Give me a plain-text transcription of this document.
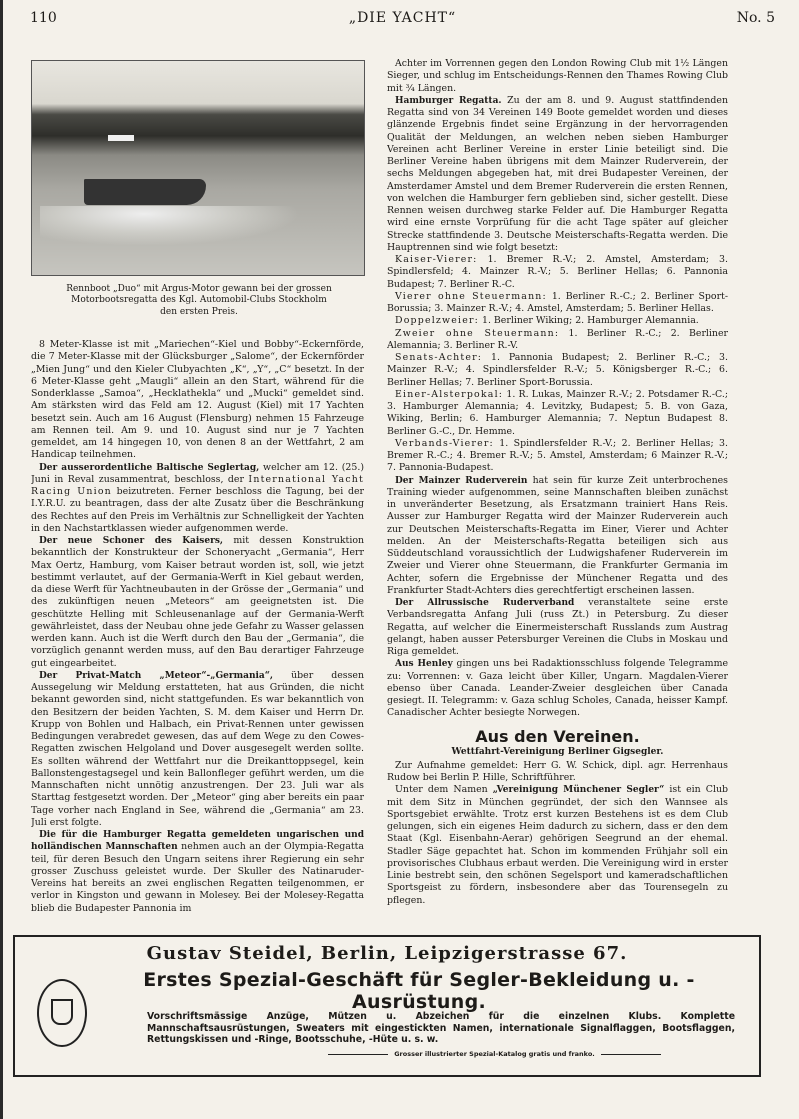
110	„DIE YACHT“	No. 5
Rennboot „Duo“ mit Argus-Motor gewann bei der grossen Motorbootsregatta des Kgl. Automobil-Clubs Stockholm den ersten Preis.

8 Meter-Klasse ist mit „Mariechen“-Kiel und Bobby“-Eckernförde, die 7 Meter-Klasse mit der Glücksburger „Salome“, der Eckernförder „Mien Jung“ und den Kieler Clubyachten „K“, „Y“, „C“ besetzt. In der 6 Meter-Klasse geht „Maugli“ allein an den Start, während für die Sonderklasse „Samoa“, „Hecklathekla“ und „Mucki“ gemeldet sind. Am stärksten wird das Feld am 12. August (Kiel) mit 17 Yachten besetzt sein. Auch am 16 August (Flensburg) nehmen 15 Fahrzeuge am Rennen teil. Am 9. und 10. August sind nur je 7 Yachten gemeldet, am 14 hingegen 10, von denen 8 an der Wettfahrt, 2 am Handicap teilnehmen.

Der ausserordentliche Baltische Seglertag, welcher am 12. (25.) Juni in Reval zusammentrat, beschloss, der International Yacht Racing Union beizutreten. Ferner beschloss die Tagung, bei der I.Y.R.U. zu beantragen, dass der alte Zusatz über die Beschränkung des Rechtes auf den Preis im Verhältnis zur Schnelligkeit der Yachten in den Nachstartklassen wieder aufgenommen werde.

Der neue Schoner des Kaisers, mit dessen Konstruktion bekanntlich der Konstrukteur der Schoneryacht „Germania“, Herr Max Oertz, Hamburg, vom Kaiser betraut worden ist, soll, wie jetzt bestimmt verlautet, auf der Germania-Werft in Kiel gebaut werden, da diese Werft für Yachtneubauten in der Grösse der „Germania“ und des zukünftigen neuen „Meteors“ am geeignetsten ist. Die geschützte Helling mit Schleusenanlage auf der Germania-Werft gewährleistet, dass der Neubau ohne jede Gefahr zu Wasser gelassen werden kann. Auch ist die Werft durch den Bau der „Germania“, die vorzüglich genannt werden muss, auf den Bau derartiger Fahrzeuge gut eingearbeitet.

Der Privat-Match „Meteor“-„Germania“, über dessen Aussegelung wir Meldung erstatteten, hat aus Gründen, die nicht bekannt geworden sind, nicht stattgefunden. Es war bekanntlich von den Besitzern der beiden Yachten, S. M. dem Kaiser und Herrn Dr. Krupp von Bohlen und Halbach, ein Privat-Rennen unter gewissen Bedingungen verabredet gewesen, das auf dem Wege zu den Cowes-Regatten zwischen Helgoland und Dover ausgesegelt werden sollte. Es sollten während der Wettfahrt nur die Dreikanttoppsegel, kein Ballonstengestagsegel und kein Ballonfleger geführt werden, um die Mannschaften nicht unnötig anzustrengen. Der 23. Juli war als Starttag festgesetzt worden. Der „Meteor“ ging aber bereits ein paar Tage vorher nach England in See, während die „Germania“ am 23. Juli erst folgte.

Die für die Hamburger Regatta gemeldeten ungarischen und holländischen Mannschaften nehmen auch an der Olympia-Regatta teil, für deren Besuch den Ungarn seitens ihrer Regierung ein sehr grosser Zuschuss geleistet wurde. Der Skuller des Natinaruder-Vereins hat bereits an zwei englischen Regatten teilgenommen, er verlor in Kingston und gewann in Molesey. Bei der Molesey-Regatta blieb die Budapester Pannonia im

Achter im Vorrennen gegen den London Rowing Club mit 1½ Längen Sieger, und schlug im Entscheidungs-Rennen den Thames Rowing Club mit ¾ Längen.

Hamburger Regatta. Zu der am 8. und 9. August stattfindenden Regatta sind von 34 Vereinen 149 Boote gemeldet worden und dieses glänzende Ergebnis findet seine Ergänzung in der hervorragenden Qualität der Meldungen, an welchen neben sieben Hamburger Vereinen acht Berliner Vereine in erster Linie beteiligt sind. Die Berliner Vereine haben übrigens mit dem Mainzer Ruderverein, der sechs Meldungen abgegeben hat, mit drei Budapester Vereinen, der Amsterdamer Amstel und dem Bremer Ruderverein die ersten Rennen, von welchen die Hamburger fern geblieben sind, sicher gestellt. Diese Rennen weisen durchweg starke Felder auf. Die Hamburger Regatta wird eine ernste Vorprüfung für die acht Tage später auf gleicher Strecke stattfindende 3. Deutsche Meisterschafts-Regatta werden. Die Hauptrennen sind wie folgt besetzt:

Kaiser-Vierer: 1. Bremer R.-V.; 2. Amstel, Amsterdam; 3. Spindlersfeld; 4. Mainzer R.-V.; 5. Berliner Hellas; 6. Pannonia Budapest; 7. Berliner R.-C.

Vierer ohne Steuermann: 1. Berliner R.-C.; 2. Berliner Sport-Borussia; 3. Mainzer R.-V.; 4. Amstel, Amsterdam; 5. Berliner Hellas.

Doppelzweier: 1. Berliner Wiking; 2. Hamburger Alemannia.

Zweier ohne Steuermann: 1. Berliner R.-C.; 2. Berliner Alemannia; 3. Berliner R.-V.

Senats-Achter: 1. Pannonia Budapest; 2. Berliner R.-C.; 3. Mainzer R.-V.; 4. Spindlersfelder R.-V.; 5. Königsberger R.-C.; 6. Berliner Hellas; 7. Berliner Sport-Borussia.

Einer-Alsterpokal: 1. R. Lukas, Mainzer R.-V.; 2. Potsdamer R.-C.; 3. Hamburger Alemannia; 4. Levitzky, Budapest; 5. B. von Gaza, Wiking, Berlin; 6. Hamburger Alemannia; 7. Neptun Budapest 8. Berliner G.-C., Dr. Hemme.

Verbands-Vierer: 1. Spindlersfelder R.-V.; 2. Berliner Hellas; 3. Bremer R.-C.; 4. Bremer R.-V.; 5. Amstel, Amsterdam; 6 Mainzer R.-V.; 7. Pannonia-Budapest.

Der Mainzer Ruderverein hat sein für kurze Zeit unterbrochenes Training wieder aufgenommen, seine Mannschaften bleiben zunächst in unveränderter Besetzung, als Ersatzmann trainiert Hans Reis. Ausser zur Hamburger Regatta wird der Mainzer Ruderverein auch zur Deutschen Meisterschafts-Regatta im Einer, Vierer und Achter melden. An der Meisterschafts-Regatta beteiligen sich aus Süddeutschland voraussichtlich der Ludwigshafener Ruderverein im Zweier und Vierer ohne Steuermann, die Frankfurter Germania im Achter, sofern die Ergebnisse der Münchener Regatta und des Frankfurter Stadt-Achters dies gerechtfertigt erscheinen lassen.

Der Allrussische Ruderverband veranstaltete seine erste Verbandsregatta Anfang Juli (russ Zt.) in Petersburg. Zu dieser Regatta, auf welcher die Einermeisterschaft Russlands zum Austrag gelangt, haben ausser Petersburger Vereinen die Clubs in Moskau und Riga gemeldet.

Aus Henley gingen uns bei Radaktionsschluss folgende Telegramme zu: Vorrennen: v. Gaza leicht über Killer, Ungarn. Magdalen-Vierer ebenso über Canada. Leander-Zweier desgleichen über Canada gesiegt. II. Telegramm: v. Gaza schlug Scholes, Canada, heisser Kampf. Canadischer Achter besiegte Norwegen.

Aus den Vereinen.
Wettfahrt-Vereinigung Berliner Gigsegler.

Zur Aufnahme gemeldet: Herr G. W. Schick, dipl. agr. Herrenhaus Rudow bei Berlin P. Hille, Schriftführer.

Unter dem Namen „Vereinigung Münchener Segler“ ist ein Club mit dem Sitz in München gegründet, der sich den Wannsee als Sportsgebiet erwählte. Trotz erst kurzen Bestehens ist es dem Club gelungen, sich ein eigenes Heim dadurch zu sichern, dass er den dem Staat (Kgl. Eisenbahn-Aerar) gehörigen Seegrund an der ehemal. Stadler Säge gepachtet hat. Schon im kommenden Frühjahr soll ein provisorisches Clubhaus erbaut werden. Die Vereinigung wird in erster Linie bestrebt sein, den schönen Segelsport und kameradschaftlichen Sportsgeist zu fördern, insbesondere aber das Tourensegeln zu pflegen.

Gustav Steidel, Berlin, Leipzigerstrasse 67.
Erstes Spezial-Geschäft für Segler-Bekleidung u. -Ausrüstung.
Vorschriftsmässige Anzüge, Mützen u. Abzeichen für die einzelnen Klubs. Komplette Mannschaftsausrüstungen, Sweaters mit eingestickten Namen, internationale Signalflaggen, Bootsflaggen, Rettungskissen und -Ringe, Bootsschuhe, -Hüte u. s. w.
Grosser illustrierter Spezial-Katalog gratis und franko.
